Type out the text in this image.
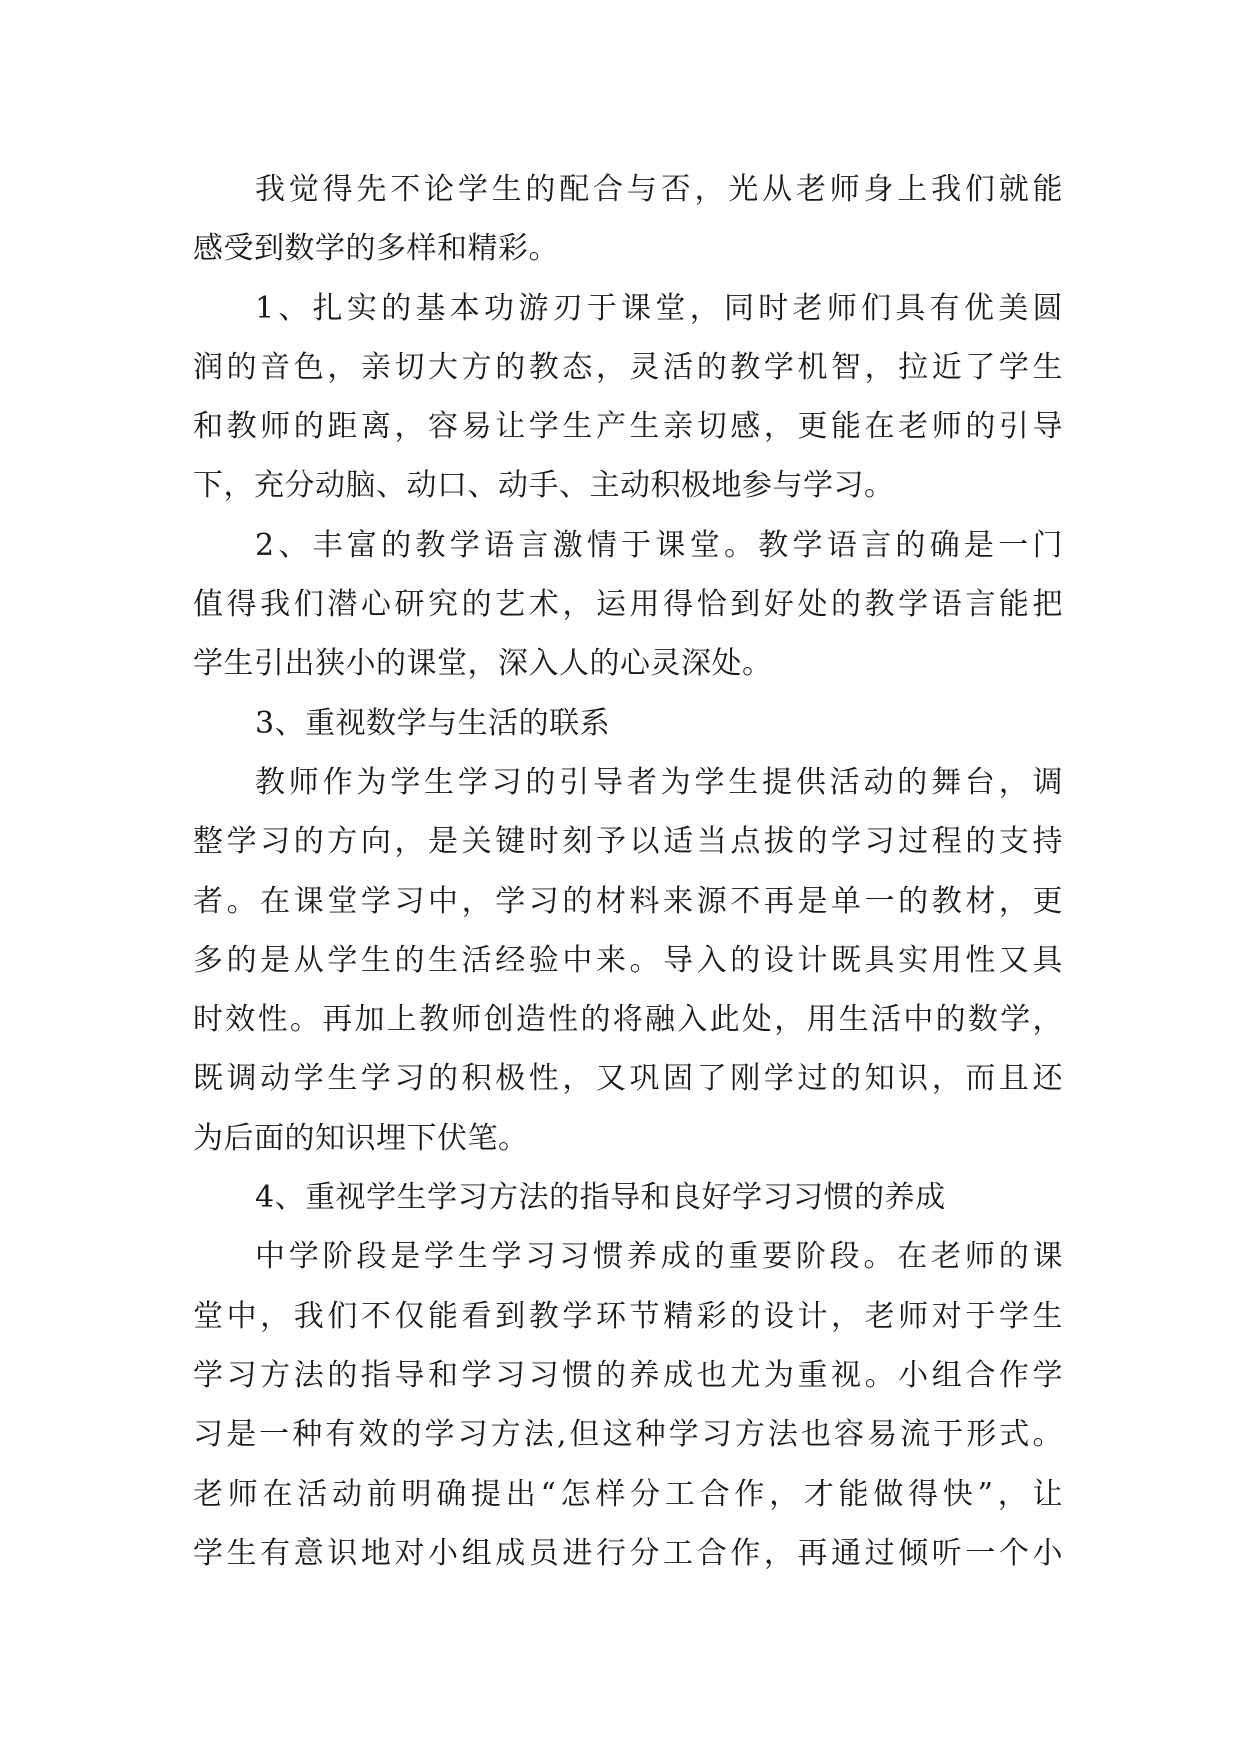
我觉得先不论学生的配合与否，光从老师身上我们就能
感受到数学的多样和精彩。
1、扎实的基本功游刃于课堂，同时老师们具有优美圆
润的音色，亲切大方的教态，灵活的教学机智，拉近了学生
和教师的距离，容易让学生产生亲切感，更能在老师的引导
下，充分动脑、动口、动手、主动积极地参与学习。
2、丰富的教学语言激情于课堂。教学语言的确是一门
值得我们潜心研究的艺术，运用得恰到好处的教学语言能把
学生引出狭小的课堂，深入人的心灵深处。
3、重视数学与生活的联系
教师作为学生学习的引导者为学生提供活动的舞台，调
整学习的方向，是关键时刻予以适当点拔的学习过程的支持
者。在课堂学习中，学习的材料来源不再是单一的教材，更
多的是从学生的生活经验中来。导入的设计既具实用性又具
时效性。再加上教师创造性的将融入此处，用生活中的数学，
既调动学生学习的积极性，又巩固了刚学过的知识，而且还
为后面的知识埋下伏笔。
4、重视学生学习方法的指导和良好学习习惯的养成
中学阶段是学生学习习惯养成的重要阶段。在老师的课
堂中，我们不仅能看到教学环节精彩的设计，老师对于学生
学习方法的指导和学习习惯的养成也尤为重视。小组合作学
习是一种有效的学习方法,但这种学习方法也容易流于形式。
老师在活动前明确提出“怎样分工合作，才能做得快”，让
学生有意识地对小组成员进行分工合作，再通过倾听一个小
